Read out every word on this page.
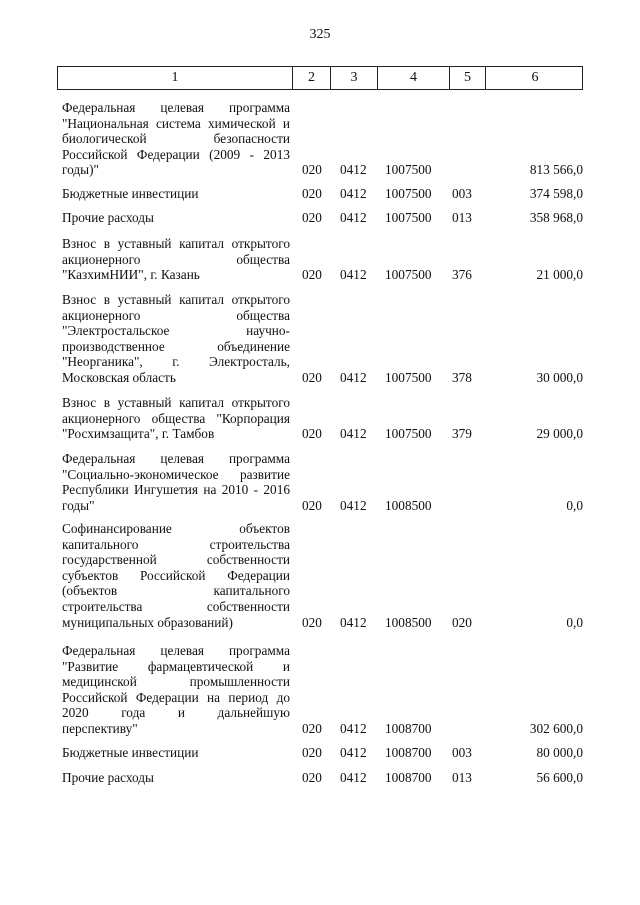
325
1	2	3	4	5	6
Федеральная целевая программа
"Национальная система химической и
биологической безопасности
Российской Федерации (2009 - 2013
годы)"	020 0412 1007500	813 566,0
Бюджетные инвестиции	020 0412 1007500 003	374 598,0
Прочие расходы	020 0412 1007500 013	358 968,0
Взнос в уставный капитал открытого
акционерного общества
"КазхимНИИ", г. Казань	020 0412 1007500 376	21 000,0
Взнос в уставный капитал открытого
акционерного общества
"Электростальское научно-
производственное объединение
"Неорганика", г. Электросталь,
Московская область	020 0412 1007500 378	30 000,0
Взнос в уставный капитал открытого
акционерного общества "Корпорация
"Росхимзащита", г. Тамбов	020 0412 1007500 379	29 000,0
Федеральная целевая программа
"Социально-экономическое развитие
Республики Ингушетия на 2010 - 2016
годы"	020 0412 1008500	0,0
Софинансирование объектов
капитального строительства
государственной собственности
субъектов Российской Федерации
(объектов капитального
строительства собственности
муниципальных образований)	020 0412 1008500 020	0,0
Федеральная целевая программа
"Развитие фармацевтической и
медицинской промышленности
Российской Федерации на период до
2020 года и дальнейшую
перспективу"	020 0412 1008700	302 600,0
Бюджетные инвестиции	020 0412 1008700 003	80 000,0
Прочие расходы	020 0412 1008700 013	56 600,0
